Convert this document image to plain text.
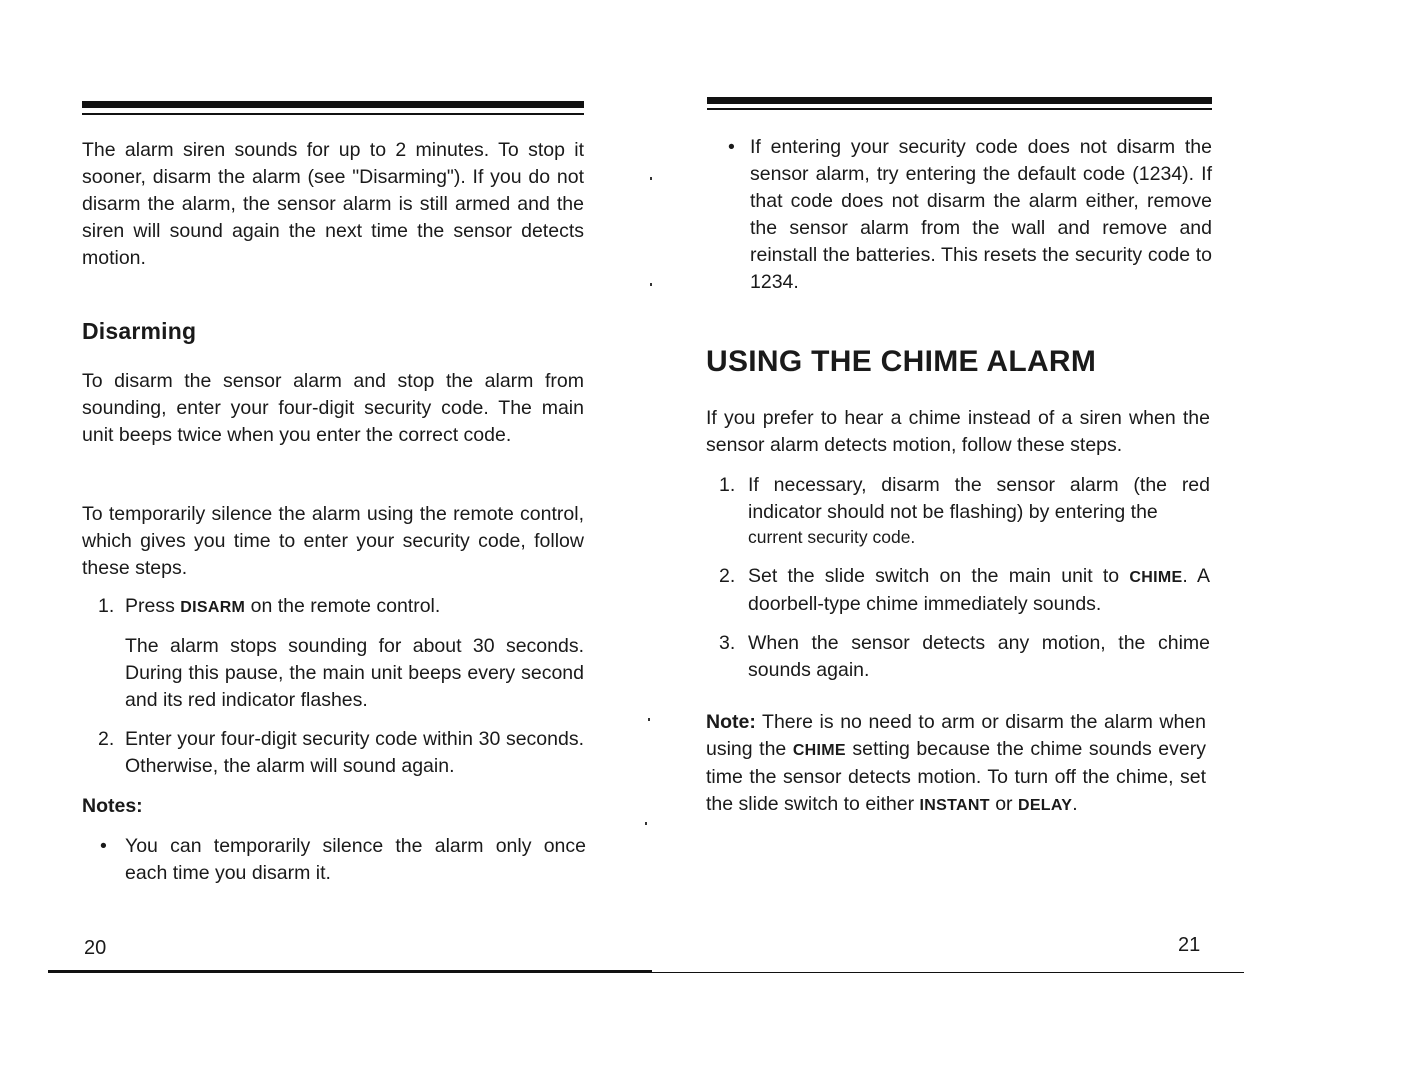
The alarm siren sounds for up to 2 minutes. To stop it sooner, disarm the alarm (see "Disarming"). If you do not disarm the alarm, the sensor alarm is still armed and the siren will sound again the next time the sensor detects motion.

Disarming

To disarm the sensor alarm and stop the alarm from sounding, enter your four-digit security code. The main unit beeps twice when you enter the correct code.

To temporarily silence the alarm using the remote control, which gives you time to enter your security code, follow these steps.

1. Press DISARM on the remote control.
The alarm stops sounding for about 30 seconds. During this pause, the main unit beeps every second and its red indicator flashes.
2. Enter your four-digit security code within 30 seconds. Otherwise, the alarm will sound again.
Notes:
• You can temporarily silence the alarm only once each time you disarm it.
20
• If entering your security code does not disarm the sensor alarm, try entering the default code (1234). If that code does not disarm the alarm either, remove the sensor alarm from the wall and remove and reinstall the batteries. This resets the security code to 1234.
USING THE CHIME ALARM

If you prefer to hear a chime instead of a siren when the sensor alarm detects motion, follow these steps.

1. If necessary, disarm the sensor alarm (the red indicator should not be flashing) by entering the
current security code.
2. Set the slide switch on the main unit to CHIME. A doorbell-type chime immediately sounds.
3. When the sensor detects any motion, the chime sounds again.

Note: There is no need to arm or disarm the alarm when using the CHIME setting because the chime sounds every time the sensor detects motion. To turn off the chime, set the slide switch to either INSTANT or DELAY.

21
